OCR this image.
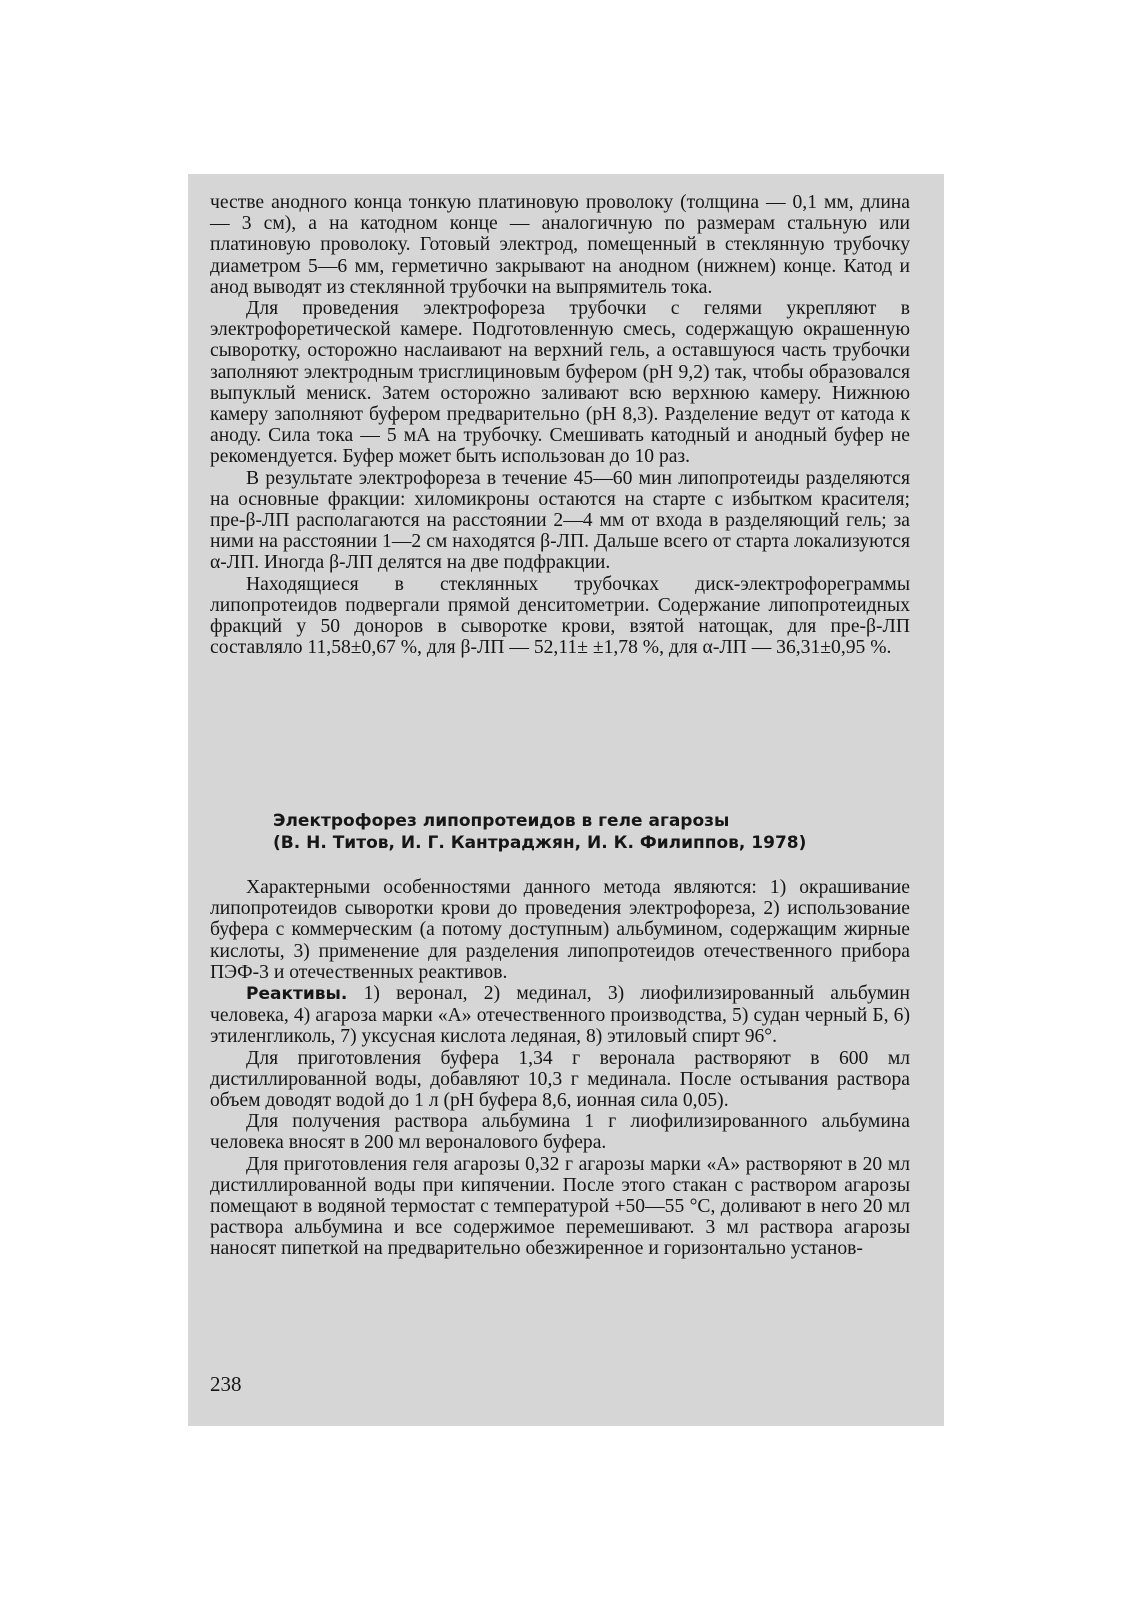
честве анодного конца тонкую платиновую проволоку (толщина — 0,1 мм, длина — 3 см), а на катодном конце — аналогичную по размерам стальную или платиновую проволоку. Готовый электрод, помещенный в стеклянную трубочку диаметром 5—6 мм, герметично закрывают на анодном (нижнем) конце. Катод и анод выводят из стеклянной трубочки на выпрямитель тока.

Для проведения электрофореза трубочки с гелями укрепляют в электрофоретической камере. Подготовленную смесь, содержащую окрашенную сыворотку, осторожно наслаивают на верхний гель, а оставшуюся часть трубочки заполняют электродным трисглициновым буфером (pH 9,2) так, чтобы образовался выпуклый мениск. Затем осторожно заливают всю верхнюю камеру. Нижнюю камеру заполняют буфером предварительно (pH 8,3). Разделение ведут от катода к аноду. Сила тока — 5 мА на трубочку. Смешивать катодный и анодный буфер не рекомендуется. Буфер может быть использован до 10 раз.

В результате электрофореза в течение 45—60 мин липопротеиды разделяются на основные фракции: хиломикроны остаются на старте с избытком красителя; пре-β-ЛП располагаются на расстоянии 2—4 мм от входа в разделяющий гель; за ними на расстоянии 1—2 см находятся β-ЛП. Дальше всего от старта локализуются α-ЛП. Иногда β-ЛП делятся на две подфракции.

Находящиеся в стеклянных трубочках диск-электрофореграммы липопротеидов подвергали прямой денситометрии. Содержание липопротеидных фракций у 50 доноров в сыворотке крови, взятой натощак, для пре-β-ЛП составляло 11,58±0,67 %, для β-ЛП — 52,11± ±1,78 %, для α-ЛП — 36,31±0,95 %.

Электрофорез липопротеидов в геле агарозы
(В. Н. Титов, И. Г. Кантраджян, И. К. Филиппов, 1978)

Характерными особенностями данного метода являются: 1) окрашивание липопротеидов сыворотки крови до проведения электрофореза, 2) использование буфера с коммерческим (а потому доступным) альбумином, содержащим жирные кислоты, 3) применение для разделения липопротеидов отечественного прибора ПЭФ-3 и отечественных реактивов.

Реактивы. 1) веронал, 2) мединал, 3) лиофилизированный альбумин человека, 4) агароза марки «А» отечественного производства, 5) судан черный Б, 6) этиленгликоль, 7) уксусная кислота ледяная, 8) этиловый спирт 96°.

Для приготовления буфера 1,34 г веронала растворяют в 600 мл дистиллированной воды, добавляют 10,3 г мединала. После остывания раствора объем доводят водой до 1 л (pH буфера 8,6, ионная сила 0,05).

Для получения раствора альбумина 1 г лиофилизированного альбумина человека вносят в 200 мл вероналового буфера.

Для приготовления геля агарозы 0,32 г агарозы марки «А» растворяют в 20 мл дистиллированной воды при кипячении. После этого стакан с раствором агарозы помещают в водяной термостат с температурой +50—55 °С, доливают в него 20 мл раствора альбумина и все содержимое перемешивают. 3 мл раствора агарозы наносят пипеткой на предварительно обезжиренное и горизонтально установ-

238
